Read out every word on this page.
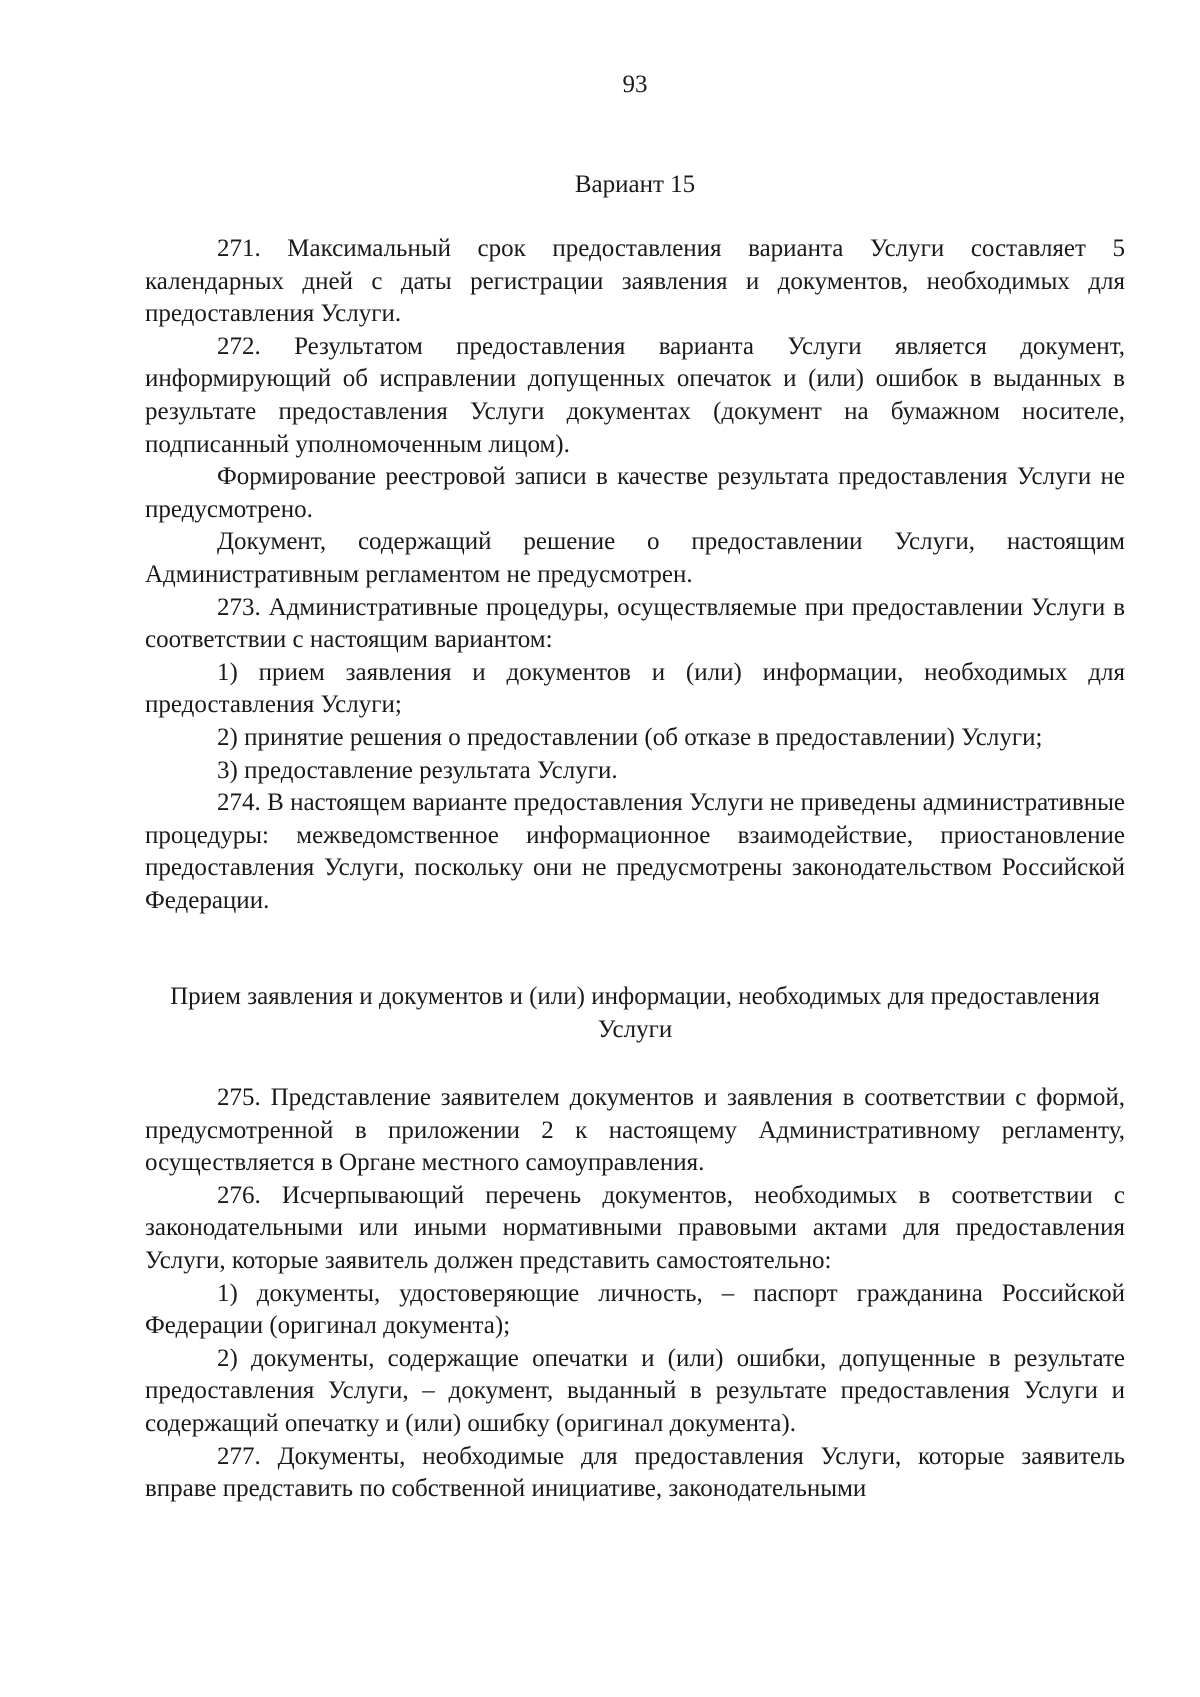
93
Вариант 15

271. Максимальный срок предоставления варианта Услуги составляет 5 календарных дней с даты регистрации заявления и документов, необходимых для предоставления Услуги.

272. Результатом предоставления варианта Услуги является документ, информирующий об исправлении допущенных опечаток и (или) ошибок в выданных в результате предоставления Услуги документах (документ на бумажном носителе, подписанный уполномоченным лицом).

Формирование реестровой записи в качестве результата предоставления Услуги не предусмотрено.

Документ, содержащий решение о предоставлении Услуги, настоящим Административным регламентом не предусмотрен.

273. Административные процедуры, осуществляемые при предоставлении Услуги в соответствии с настоящим вариантом:

1) прием заявления и документов и (или) информации, необходимых для предоставления Услуги;

2) принятие решения о предоставлении (об отказе в предоставлении) Услуги;

3) предоставление результата Услуги.

274. В настоящем варианте предоставления Услуги не приведены административные процедуры: межведомственное информационное взаимодействие, приостановление предоставления Услуги, поскольку они не предусмотрены законодательством Российской Федерации.

Прием заявления и документов и (или) информации, необходимых для предоставления Услуги

275. Представление заявителем документов и заявления в соответствии с формой, предусмотренной в приложении 2 к настоящему Административному регламенту, осуществляется в Органе местного самоуправления.

276. Исчерпывающий перечень документов, необходимых в соответствии с законодательными или иными нормативными правовыми актами для предоставления Услуги, которые заявитель должен представить самостоятельно:

1) документы, удостоверяющие личность, – паспорт гражданина Российской Федерации (оригинал документа);

2) документы, содержащие опечатки и (или) ошибки, допущенные в результате предоставления Услуги, – документ, выданный в результате предоставления Услуги и содержащий опечатку и (или) ошибку (оригинал документа).

277. Документы, необходимые для предоставления Услуги, которые заявитель вправе представить по собственной инициативе, законодательными
